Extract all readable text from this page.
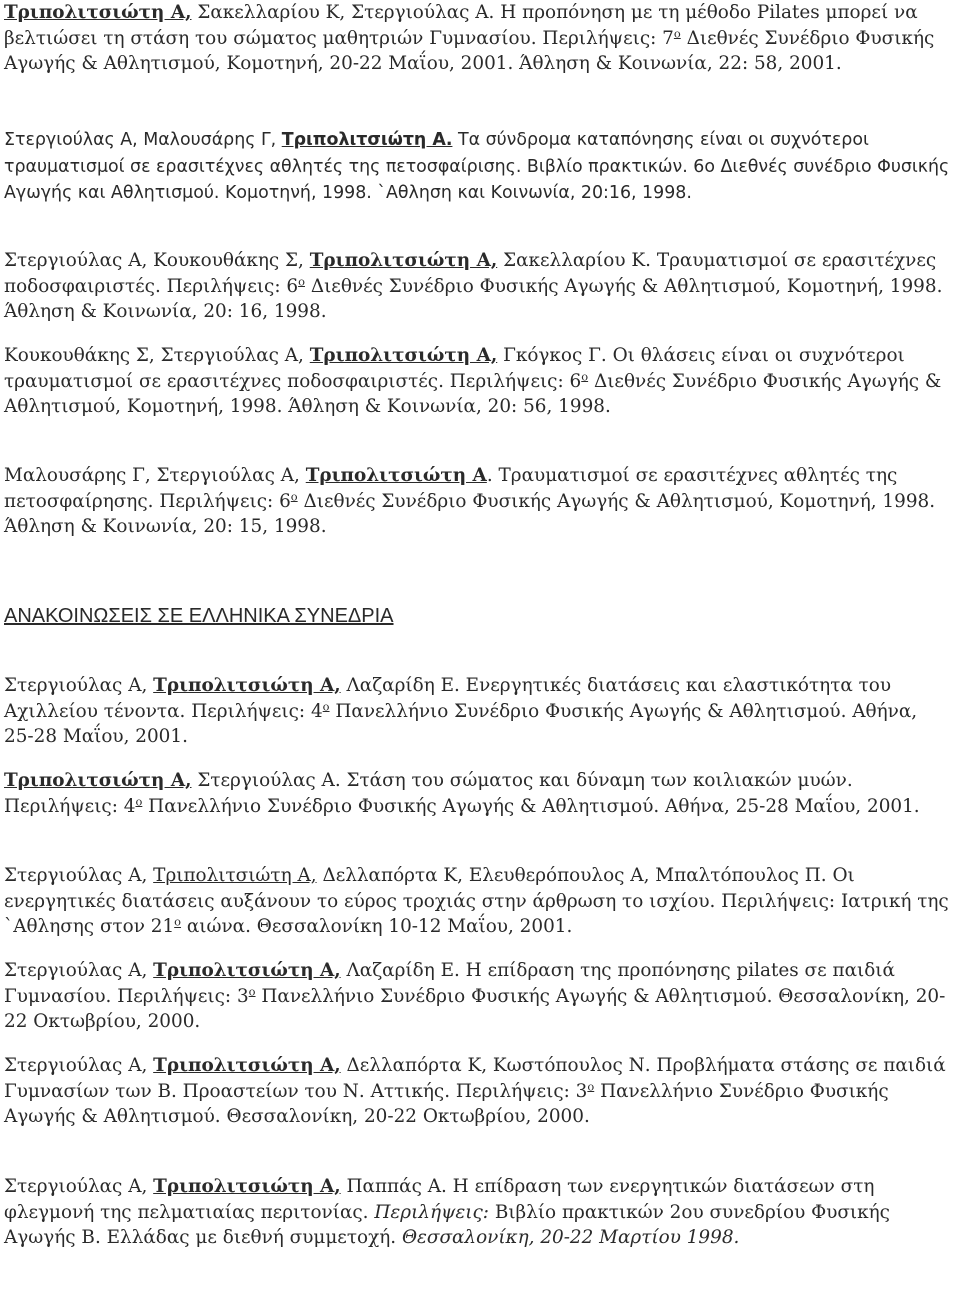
Τριπολιτσιώτη Α, Σακελλαρίου Κ, Στεργιούλας Α. Η προπόνηση με τη μέθοδο Pilates μπορεί να βελτιώσει τη στάση του σώματος μαθητριών Γυμνασίου. Περιλήψεις: $7^o$ Διεθνές Συνέδριο Φυσικής Αγωγής & Αθλητισμού, Κομοτηνή, 20-22 Μαΐου, 2001. Άθληση & Κοινωνία, 22: 58, 2001.

Στεργιούλας Α, Μαλουσάρης Γ, Τριπολιτσιώτη Α. Τα σύνδρομα καταπόνησης είναι οι συχνότεροι τραυματισμοί σε ερασιτέχνες αθλητές της πετοσφαίρισης. Βιβλίο πρακτικών. 6ο Διεθνές συνέδριο Φυσικής Αγωγής και Αθλητισμού. Κομοτηνή, 1998. `Αθληση και Κοινωνία, 20:16, 1998.

Στεργιούλας Α, Κουκουθάκης Σ, Τριπολιτσιώτη Α, Σακελλαρίου Κ. Τραυματισμοί σε ερασιτέχνες ποδοσφαιριστές. Περιλήψεις: $6^o$ Διεθνές Συνέδριο Φυσικής Αγωγής & Αθλητισμού, Κομοτηνή, 1998. Άθληση & Κοινωνία, 20: 16, 1998.

Κουκουθάκης Σ, Στεργιούλας Α, Τριπολιτσιώτη Α, Γκόγκος Γ. Οι θλάσεις είναι οι συχνότεροι τραυματισμοί σε ερασιτέχνες ποδοσφαιριστές. Περιλήψεις: $6^o$ Διεθνές Συνέδριο Φυσικής Αγωγής & Αθλητισμού, Κομοτηνή, 1998. Άθληση & Κοινωνία, 20: 56, 1998.

Μαλουσάρης Γ, Στεργιούλας Α, Τριπολιτσιώτη Α. Τραυματισμοί σε ερασιτέχνες αθλητές της πετοσφαίρησης. Περιλήψεις: $6^o$ Διεθνές Συνέδριο Φυσικής Αγωγής & Αθλητισμού, Κομοτηνή, 1998. Άθληση & Κοινωνία, 20: 15, 1998.

ΑΝΑΚΟΙΝΩΣΕΙΣ ΣΕ ΕΛΛΗΝΙΚΑ ΣΥΝΕΔΡΙΑ

Στεργιούλας Α, Τριπολιτσιώτη Α, Λαζαρίδη Ε. Ενεργητικές διατάσεις και ελαστικότητα του Αχιλλείου τένοντα. Περιλήψεις: $4^o$ Πανελλήνιο Συνέδριο Φυσικής Αγωγής & Αθλητισμού. Αθήνα, 25-28 Μαΐου, 2001.

Τριπολιτσιώτη Α, Στεργιούλας Α. Στάση του σώματος και δύναμη των κοιλιακών μυών. Περιλήψεις: $4^o$ Πανελλήνιο Συνέδριο Φυσικής Αγωγής & Αθλητισμού. Αθήνα, 25-28 Μαΐου, 2001.

Στεργιούλας Α, Τριπολιτσιώτη Α, Δελλαπόρτα Κ, Ελευθερόπουλος Α, Μπαλτόπουλος Π. Οι ενεργητικές διατάσεις αυξάνουν το εύρος τροχιάς στην άρθρωση το ισχίου. Περιλήψεις: Ιατρική της `Αθλησης στον $21^o$ αιώνα. Θεσσαλονίκη 10-12 Μαΐου, 2001.

Στεργιούλας Α, Τριπολιτσιώτη Α, Λαζαρίδη Ε. Η επίδραση της προπόνησης pilates σε παιδιά Γυμνασίου. Περιλήψεις: $3^o$ Πανελλήνιο Συνέδριο Φυσικής Αγωγής & Αθλητισμού. Θεσσαλονίκη, 20-22 Οκτωβρίου, 2000.

Στεργιούλας Α, Τριπολιτσιώτη Α, Δελλαπόρτα Κ, Κωστόπουλος Ν. Προβλήματα στάσης σε παιδιά Γυμνασίων των Β. Προαστείων του Ν. Αττικής. Περιλήψεις: $3^o$ Πανελλήνιο Συνέδριο Φυσικής Αγωγής & Αθλητισμού. Θεσσαλονίκη, 20-22 Οκτωβρίου, 2000.

Στεργιούλας Α, Τριπολιτσιώτη Α, Παππάς Α. Η επίδραση των ενεργητικών διατάσεων στη φλεγμονή της πελματιαίας περιτονίας. Περιλήψεις: Βιβλίο πρακτικών 2ου συνεδρίου Φυσικής Αγωγής Β. Ελλάδας με διεθνή συμμετοχή. Θεσσαλονίκη, 20-22 Μαρτίου 1998.
